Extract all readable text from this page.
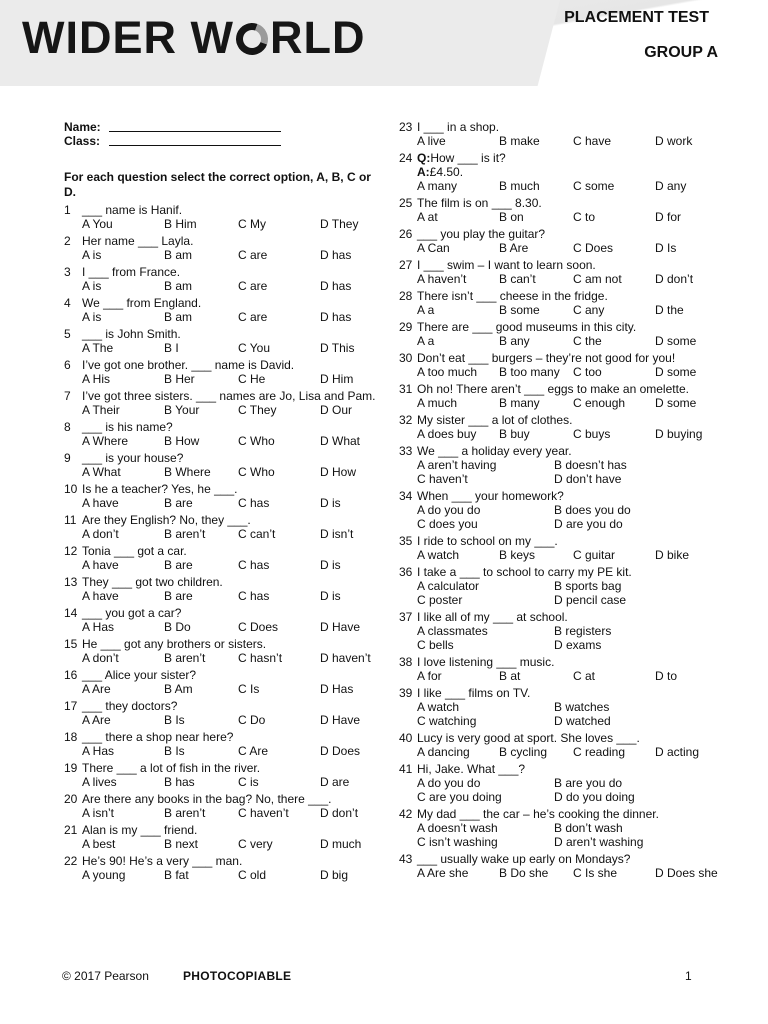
WIDER W RLD	PLACEMENT TEST
GROUP A
Name:
Class:
For each question select the correct option, A, B, C or D.
1 ___ name is Hanif.
A You	B Him	C My	D They
2 Her name ___ Layla.
A is	B am	C are	D has
3 I ___ from France.
A is	B am	C are	D has
4 We ___ from England.
A is	B am	C are	D has
5 ___ is John Smith.
A The	B I	C You	D This
6 I’ve got one brother. ___ name is David.
A His	B Her	C He	D Him
7 I’ve got three sisters. ___ names are Jo, Lisa and Pam.
A Their	B Your	C They	D Our
8 ___ is his name?
A Where	B How	C Who	D What
9 ___ is your house?
A What	B Where	C Who	D How
10 Is he a teacher? Yes, he ___.
A have	B are	C has	D is
11 Are they English? No, they ___.
A don’t	B aren’t	C can’t	D isn’t
12 Tonia ___ got a car.
A have	B are	C has	D is
13 They ___ got two children.
A have	B are	C has	D is
14 ___ you got a car?
A Has	B Do	C Does	D Have
15 He ___ got any brothers or sisters.
A don’t	B aren’t	C hasn’t	D haven’t
16 ___ Alice your sister?
A Are	B Am	C Is	D Has
17 ___ they doctors?
A Are	B Is	C Do	D Have
18 ___ there a shop near here?
A Has	B Is	C Are	D Does
19 There ___ a lot of fish in the river.
A lives	B has	C is	D are
20 Are there any books in the bag? No, there ___.
A isn’t	B aren’t	C haven’t	D don’t
21 Alan is my ___ friend.
A best	B next	C very	D much
22 He’s 90! He’s a very ___ man.
A young	B fat	C old	D big
23 I ___ in a shop.
A live	B make	C have	D work
24 Q:How ___ is it?
A:£4.50.
A many	B much	C some	D any
25 The film is on ___ 8.30.
A at	B on	C to	D for
26 ___ you play the guitar?
A Can	B Are	C Does	D Is
27 I ___ swim – I want to learn soon.
A haven’t	B can’t	C am not	D don’t
28 There isn’t ___ cheese in the fridge.
A a	B some	C any	D the
29 There are ___ good museums in this city.
A a	B any	C the	D some
30 Don’t eat ___ burgers – they’re not good for you!
A too much	B too many	C too	D some
31 Oh no! There aren’t ___ eggs to make an omelette.
A much	B many	C enough	D some
32 My sister ___ a lot of clothes.
A does buy	B buy	C buys	D buying
33 We ___ a holiday every year.
A aren’t having	B doesn’t has
C haven’t	D don’t have
34 When ___ your homework?
A do you do	B does you do
C does you	D are you do
35 I ride to school on my ___.
A watch	B keys	C guitar	D bike
36 I take a ___ to school to carry my PE kit.
A calculator	B sports bag
C poster	D pencil case
37 I like all of my ___ at school.
A classmates	B registers
C bells	D exams
38 I love listening ___ music.
A for	B at	C at	D to
39 I like ___ films on TV.
A watch	B watches
C watching	D watched
40 Lucy is very good at sport. She loves ___.
A dancing	B cycling	C reading	D acting
41 Hi, Jake. What ___?
A do you do	B are you do
C are you doing	D do you doing
42 My dad ___ the car – he’s cooking the dinner.
A doesn’t wash	B don’t wash
C isn’t washing	D aren’t washing
43 ___ usually wake up early on Mondays?
A Are she	B Do she	C Is she	D Does she
© 2017 Pearson	PHOTOCOPIABLE	1
